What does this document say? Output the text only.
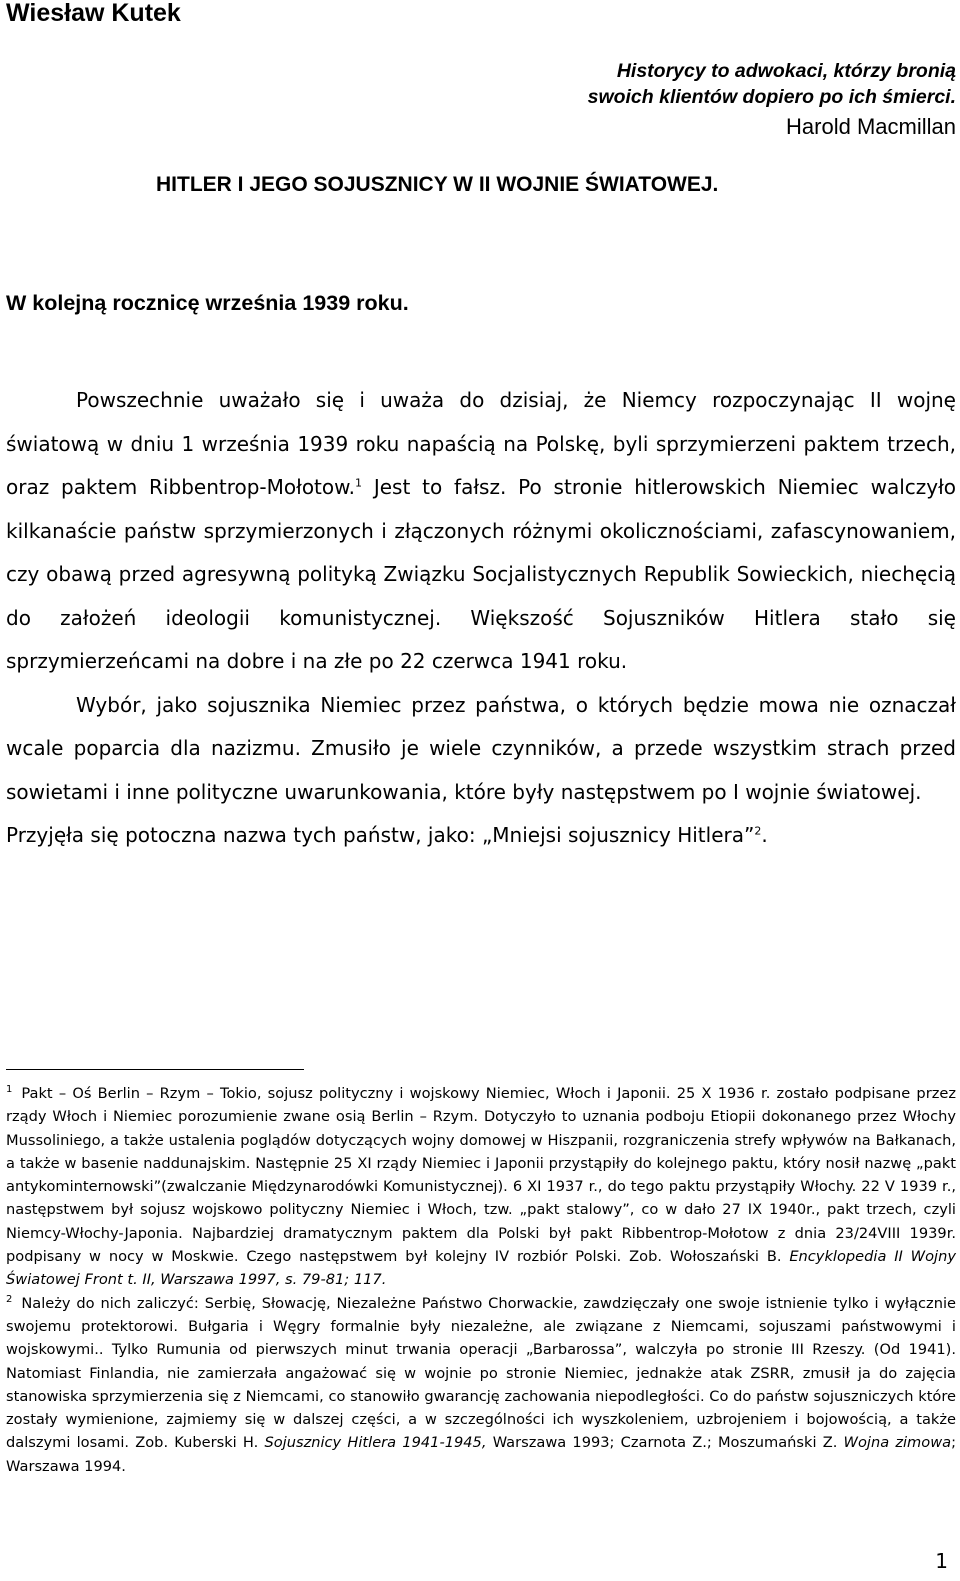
Wiesław Kutek
Historycy to adwokaci, którzy bronią
swoich klientów dopiero po ich śmierci.
Harold Macmillan
HITLER I JEGO SOJUSZNICY W II WOJNIE ŚWIATOWEJ.
W kolejną rocznicę września 1939 roku.

Powszechnie uważało się i uważa do dzisiaj, że Niemcy rozpoczynając II wojnę światową w dniu 1 września 1939 roku napaścią na Polskę, byli sprzymierzeni paktem trzech, oraz paktem Ribbentrop-Mołotow.$^1$ Jest to fałsz. Po stronie hitlerowskich Niemiec walczyło kilkanaście państw sprzymierzonych i złączonych różnymi okolicznościami, zafascynowaniem, czy obawą przed agresywną polityką Związku Socjalistycznych Republik Sowieckich, niechęcią do założeń ideologii komunistycznej. Większość Sojuszników Hitlera stało się sprzymierzeńcami na dobre i na złe po 22 czerwca 1941 roku.

Wybór, jako sojusznika Niemiec przez państwa, o których będzie mowa nie oznaczał wcale poparcia dla nazizmu. Zmusiło je wiele czynników, a przede wszystkim strach przed sowietami i inne polityczne uwarunkowania, które były następstwem po I wojnie światowej.

Przyjęła się potoczna nazwa tych państw, jako: „Mniejsi sojusznicy Hitlera”$^2$.

$^1$ Pakt – Oś Berlin – Rzym – Tokio, sojusz polityczny i wojskowy Niemiec, Włoch i Japonii. 25 X 1936 r. zostało podpisane przez rządy Włoch i Niemiec porozumienie zwane osią Berlin – Rzym. Dotyczyło to uznania podboju Etiopii dokonanego przez Włochy Mussoliniego, a także ustalenia poglądów dotyczących wojny domowej w Hiszpanii, rozgraniczenia strefy wpływów na Bałkanach, a także w basenie naddunajskim. Następnie 25 XI rządy Niemiec i Japonii przystąpiły do kolejnego paktu, który nosił nazwę „pakt antykominternowski”(zwalczanie Międzynarodówki Komunistycznej). 6 XI 1937 r., do tego paktu przystąpiły Włochy. 22 V 1939 r., następstwem był sojusz wojskowo polityczny Niemiec i Włoch, tzw. „pakt stalowy”, co w dało 27 IX 1940r., pakt trzech, czyli Niemcy-Włochy-Japonia. Najbardziej dramatycznym paktem dla Polski był pakt Ribbentrop-Mołotow z dnia 23/24VIII 1939r. podpisany w nocy w Moskwie. Czego następstwem był kolejny IV rozbiór Polski. Zob. Wołoszański B. Encyklopedia II Wojny Światowej Front t. II, Warszawa 1997, s. 79-81; 117.

$^2$ Należy do nich zaliczyć: Serbię, Słowację, Niezależne Państwo Chorwackie, zawdzięczały one swoje istnienie tylko i wyłącznie swojemu protektorowi. Bułgaria i Węgry formalnie były niezależne, ale związane z Niemcami, sojuszami państwowymi i wojskowymi.. Tylko Rumunia od pierwszych minut trwania operacji „Barbarossa”, walczyła po stronie III Rzeszy. (Od 1941). Natomiast Finlandia, nie zamierzała angażować się w wojnie po stronie Niemiec, jednakże atak ZSRR, zmusił ja do zajęcia stanowiska sprzymierzenia się z Niemcami, co stanowiło gwarancję zachowania niepodległości. Co do państw sojuszniczych które zostały wymienione, zajmiemy się w dalszej części, a w szczególności ich wyszkoleniem, uzbrojeniem i bojowością, a także dalszymi losami. Zob. Kuberski H. Sojusznicy Hitlera 1941-1945, Warszawa 1993; Czarnota Z.; Moszumański Z. Wojna zimowa; Warszawa 1994.

1
